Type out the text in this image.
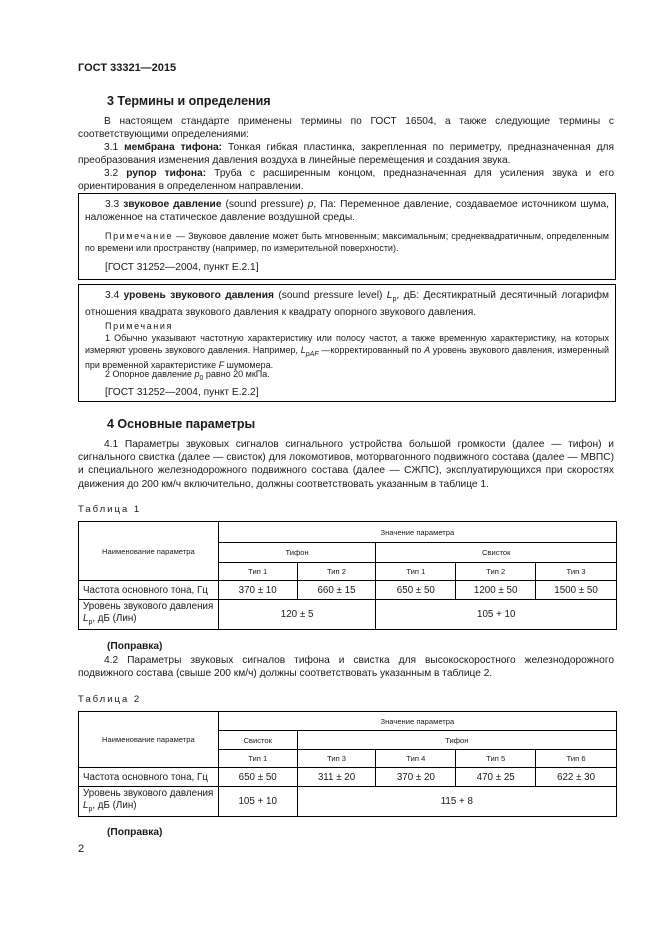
ГОСТ 33321—2015
3 Термины и определения
В настоящем стандарте применены термины по ГОСТ 16504, а также следующие термины с соответствующими определениями:
3.1 мембрана тифона: Тонкая гибкая пластинка, закрепленная по периметру, предназначенная для преобразования изменения давления воздуха в линейные перемещения и создания звука.
3.2 рупор тифона: Труба с расширенным концом, предназначенная для усиления звука и его ориентирования в определенном направлении.
3.3 звуковое давление (sound pressure) p, Па: Переменное давление, создаваемое источником шума, наложенное на статическое давление воздушной среды.
Примечание — Звуковое давление может быть мгновенным; максимальным; среднеквадратичным, определенным по времени или пространству (например, по измерительной поверхности).
[ГОСТ 31252—2004, пункт Е.2.1]
3.4 уровень звукового давления (sound pressure level) $L_p$, дБ: Десятикратный десятичный логарифм отношения квадрата звукового давления к квадрату опорного звукового давления.
Примечания
1 Обычно указывают частотную характеристику или полосу частот, а также временную характеристику, на которых измеряют уровень звукового давления. Например, $L_{pAF}$ —корректированный по A уровень звукового давления, измеренный при временной характеристике F шумомера.
2 Опорное давление $p_0$ равно 20 мкПа.
[ГОСТ 31252—2004, пункт Е.2.2]
4 Основные параметры
4.1 Параметры звуковых сигналов сигнального устройства большой громкости (далее — тифон) и сигнального свистка (далее — свисток) для локомотивов, моторвагонного подвижного состава (далее — МВПС) и специального железнодорожного подвижного состава (далее — СЖПС), эксплуатирующихся при скоростях движения до 200 км/ч включительно, должны соответствовать указанным в таблице 1.
Таблица 1
Наименование параметра	Значение параметра				
	Тифон		Свисток		
	Тип 1	Тип 2	Тип 1	Тип 2	Тип 3
Частота основного тона, Гц	370 ± 10	660 ± 15	650 ± 50	1200 ± 50	1500 ± 50
Уровень звукового давления $L_p$, дБ (Лин)	120 ± 5		105 + 10		
(Поправка)
4.2 Параметры звуковых сигналов тифона и свистка для высокоскоростного железнодорожного подвижного состава (свыше 200 км/ч) должны соответствовать указанным в таблице 2.
Таблица 2
Наименование параметра	Значение параметра				
	Свисток	Тифон			
	Тип 1	Тип 3	Тип 4	Тип 5	Тип 6
Частота основного тона, Гц	650 ± 50	311 ± 20	370 ± 20	470 ± 25	622 ± 30
Уровень звукового давления $L_p$, дБ (Лин)	105 + 10	115 + 8			
(Поправка)
2
